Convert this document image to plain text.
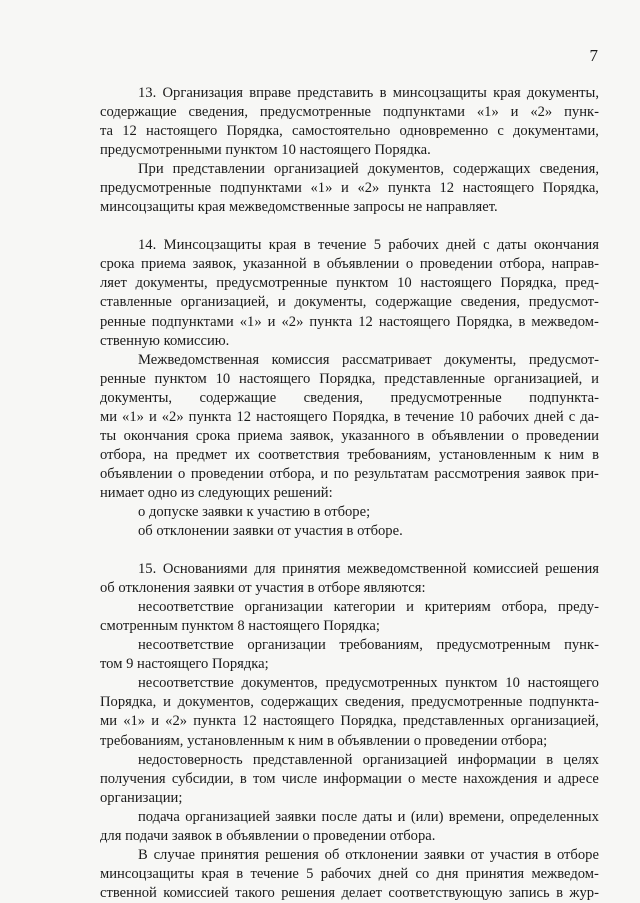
7
13. Организация вправе представить в минсоцзащиты края документы,
содержащие сведения, предусмотренные подпунктами «1» и «2» пунк-
та 12 настоящего Порядка, самостоятельно одновременно с документами,
предусмотренными пунктом 10 настоящего Порядка.
При представлении организацией документов, содержащих сведения,
предусмотренные подпунктами «1» и «2» пункта 12 настоящего Порядка,
минсоцзащиты края межведомственные запросы не направляет.
14. Минсоцзащиты края в течение 5 рабочих дней с даты окончания
срока приема заявок, указанной в объявлении о проведении отбора, направ-
ляет документы, предусмотренные пунктом 10 настоящего Порядка, пред-
ставленные организацией, и документы, содержащие сведения, предусмот-
ренные подпунктами «1» и «2» пункта 12 настоящего Порядка, в межведом-
ственную комиссию.
Межведомственная комиссия рассматривает документы, предусмот-
ренные пунктом 10 настоящего Порядка, представленные организацией, и
документы, содержащие сведения, предусмотренные подпункта-
ми «1» и «2» пункта 12 настоящего Порядка, в течение 10 рабочих дней с да-
ты окончания срока приема заявок, указанного в объявлении о проведении
отбора, на предмет их соответствия требованиям, установленным к ним в
объявлении о проведении отбора, и по результатам рассмотрения заявок при-
нимает одно из следующих решений:
о допуске заявки к участию в отборе;
об отклонении заявки от участия в отборе.
15. Основаниями для принятия межведомственной комиссией решения
об отклонения заявки от участия в отборе являются:
несоответствие организации категории и критериям отбора, преду-
смотренным пунктом 8 настоящего Порядка;
несоответствие организации требованиям, предусмотренным пунк-
том 9 настоящего Порядка;
несоответствие документов, предусмотренных пунктом 10 настоящего
Порядка, и документов, содержащих сведения, предусмотренные подпункта-
ми «1» и «2» пункта 12 настоящего Порядка, представленных организацией,
требованиям, установленным к ним в объявлении о проведении отбора;
недостоверность представленной организацией информации в целях
получения субсидии, в том числе информации о месте нахождения и адресе
организации;
подача организацией заявки после даты и (или) времени, определенных
для подачи заявок в объявлении о проведении отбора.
В случае принятия решения об отклонении заявки от участия в отборе
минсоцзащиты края в течение 5 рабочих дней со дня принятия межведом-
ственной комиссией такого решения делает соответствующую запись в жур-
